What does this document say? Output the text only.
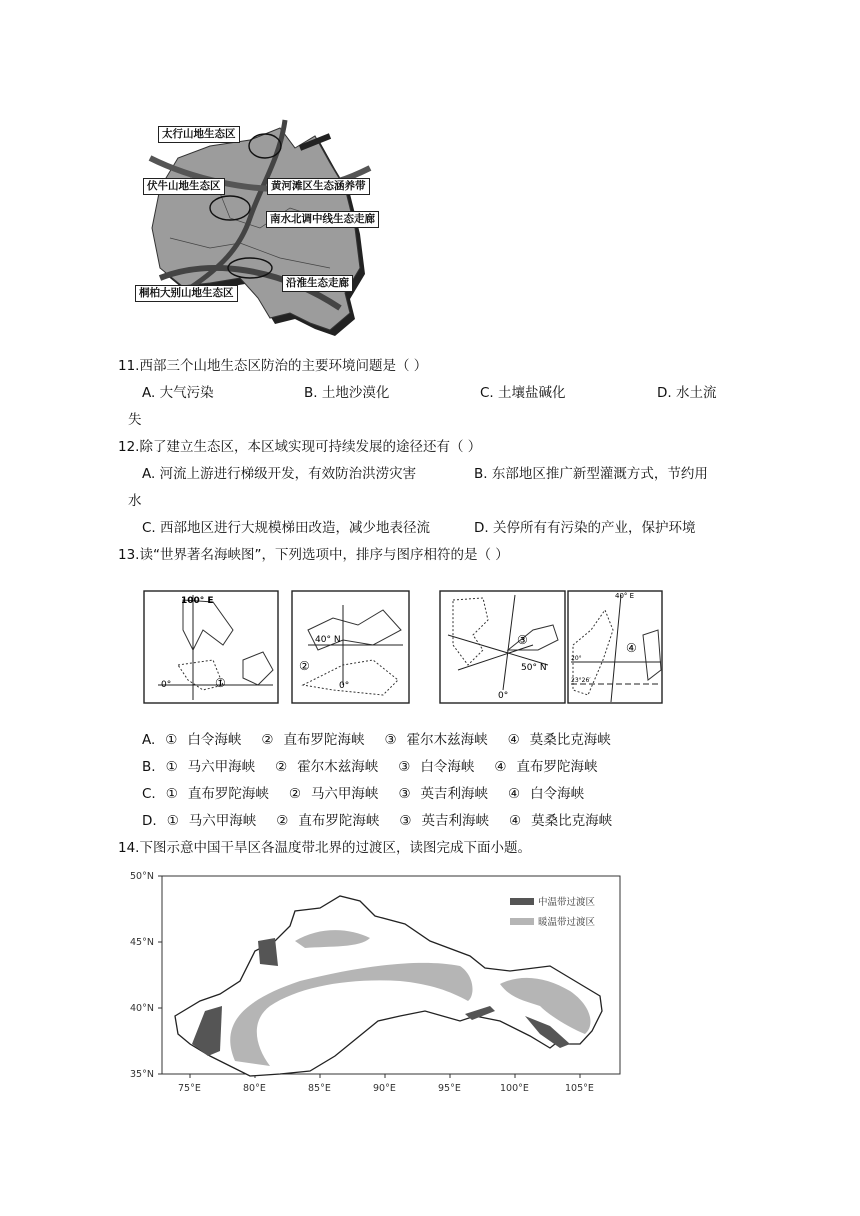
太行山地生态区
伏牛山地生态区	黄河滩区生态涵养带
南水北调中线生态走廊
桐柏大别山地生态区
沿淮生态走廊
11.西部三个山地生态区防治的主要环境问题是（ ）
A. 大气污染	B. 土地沙漠化	C. 土壤盐碱化	D. 水土流
失
12.除了建立生态区，本区域实现可持续发展的途径还有（ ）
A. 河流上游进行梯级开发，有效防治洪涝灾害	B. 东部地区推广新型灌溉方式，节约用
水
C. 西部地区进行大规模梯田改造，减少地表径流	D. 关停所有有污染的产业，保护环境
13.读“世界著名海峡图”，下列选项中，排序与图序相符的是（ ）
100° E
0°	①
40° N
0°
②	50° N
0°
③
40° E
20°
23°26′
④
A. ① 白令海峡 ② 直布罗陀海峡 ③ 霍尔木兹海峡 ④ 莫桑比克海峡
B. ① 马六甲海峡 ② 霍尔木兹海峡 ③ 白令海峡 ④ 直布罗陀海峡
C. ① 直布罗陀海峡 ② 马六甲海峡 ③ 英吉利海峡 ④ 白令海峡
D. ① 马六甲海峡 ② 直布罗陀海峡 ③ 英吉利海峡 ④ 莫桑比克海峡
14.下图示意中国干旱区各温度带北界的过渡区，读图完成下面小题。
50°N
45°N
40°N
35°N
75°E	80°E	85°E	90°E	95°E	100°E	105°E
中温带过渡区
暖温带过渡区
